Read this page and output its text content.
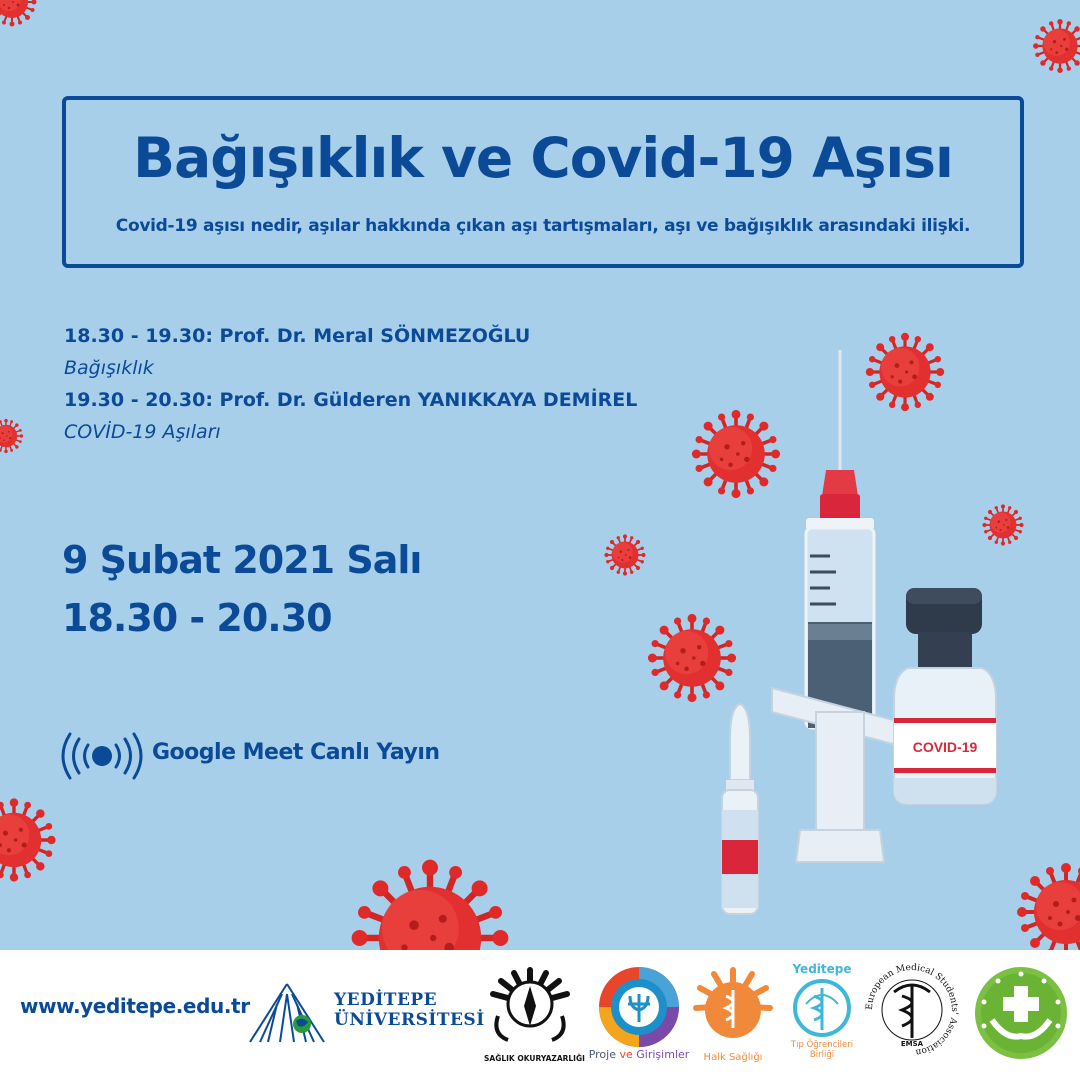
COVID-19
Bağışıklık ve Covid-19 Aşısı
Covid-19 aşısı nedir, aşılar hakkında çıkan aşı tartışmaları, aşı ve bağışıklık arasındaki ilişki.
18.30 - 19.30: Prof. Dr. Meral SÖNMEZOĞLU
Bağışıklık
19.30 - 20.30: Prof. Dr. Gülderen YANIKKAYA DEMİREL
COVİD-19 Aşıları
9 Şubat 2021 Salı
18.30 - 20.30
Google Meet Canlı Yayın
www.yeditepe.edu.tr	YEDİTEPE
ÜNİVERSİTESİ
SAĞLIK OKURYAZARLIĞI Proje ve Girişimler	Halk Sağlığı
Yeditepe
Tıp Öğrencileri
Birliği
European Medical Students' Association
EMSA
